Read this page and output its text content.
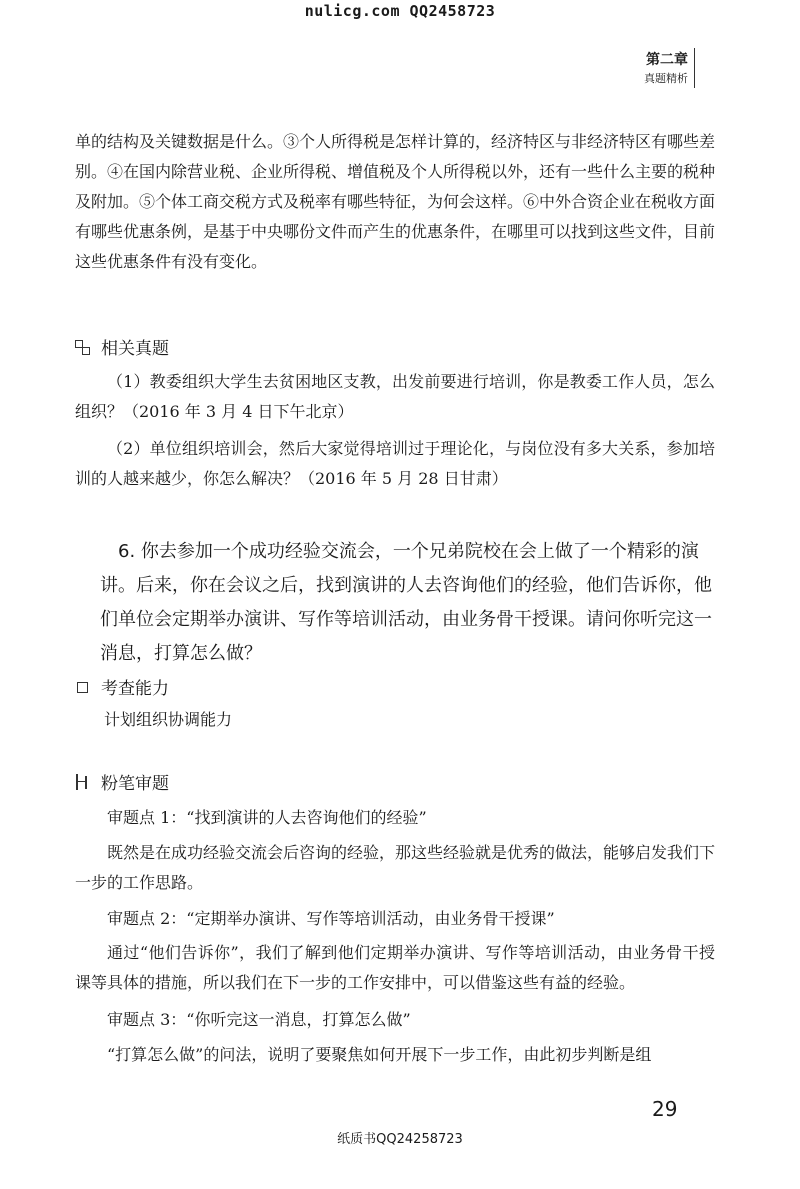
nulicg.com QQ2458723
第二章
真题精析
单的结构及关键数据是什么。③个人所得税是怎样计算的，经济特区与非经济特区有哪些差别。④在国内除营业税、企业所得税、增值税及个人所得税以外，还有一些什么主要的税种及附加。⑤个体工商交税方式及税率有哪些特征，为何会这样。⑥中外合资企业在税收方面有哪些优惠条例，是基于中央哪份文件而产生的优惠条件，在哪里可以找到这些文件，目前这些优惠条件有没有变化。
相关真题
（1）教委组织大学生去贫困地区支教，出发前要进行培训，你是教委工作人员，怎么组织？（2016 年 3 月 4 日下午北京）
（2）单位组织培训会，然后大家觉得培训过于理论化，与岗位没有多大关系，参加培训的人越来越少，你怎么解决？（2016 年 5 月 28 日甘肃）
6. 你去参加一个成功经验交流会，一个兄弟院校在会上做了一个精彩的演讲。后来，你在会议之后，找到演讲的人去咨询他们的经验，他们告诉你，他们单位会定期举办演讲、写作等培训活动，由业务骨干授课。请问你听完这一消息，打算怎么做？
考查能力
计划组织协调能力
粉笔审题
审题点 1：“找到演讲的人去咨询他们的经验”
既然是在成功经验交流会后咨询的经验，那这些经验就是优秀的做法，能够启发我们下一步的工作思路。
审题点 2：“定期举办演讲、写作等培训活动，由业务骨干授课”
通过“他们告诉你”，我们了解到他们定期举办演讲、写作等培训活动，由业务骨干授课等具体的措施，所以我们在下一步的工作安排中，可以借鉴这些有益的经验。
审题点 3：“你听完这一消息，打算怎么做”
“打算怎么做”的问法，说明了要聚焦如何开展下一步工作，由此初步判断是组
29
纸质书QQ24258723
